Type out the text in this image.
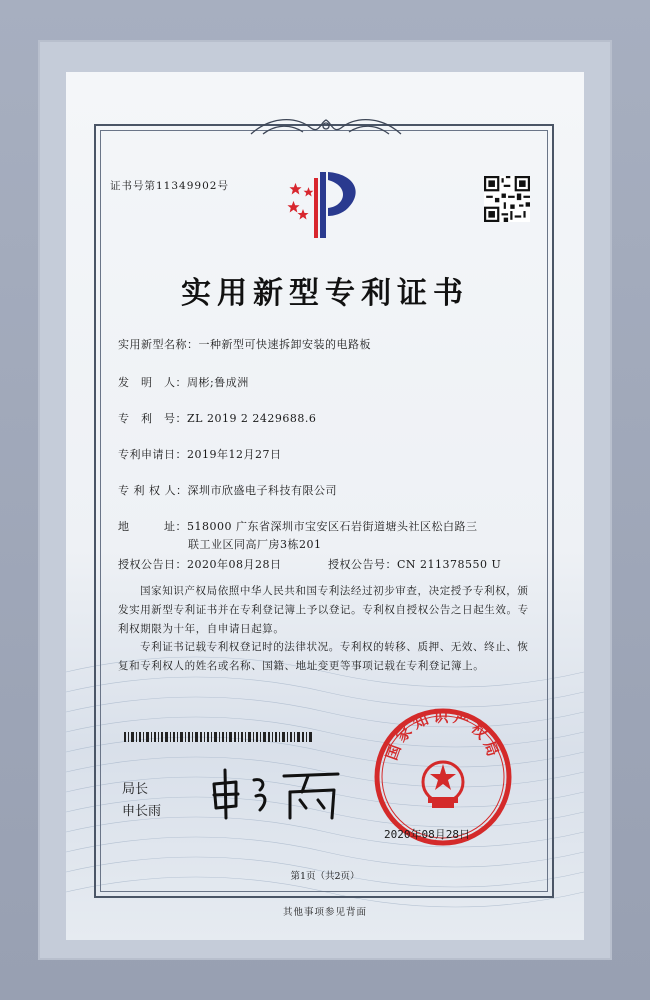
证书号第11349902号
实用新型专利证书
实用新型名称：一种新型可快速拆卸安装的电路板
发　明　人：周彬;鲁成洲
专　利　号：ZL 2019 2 2429688.6
专利申请日：2019年12月27日
专 利 权 人：深圳市欣盛电子科技有限公司
地　　　址：518000 广东省深圳市宝安区石岩街道塘头社区松白路三
联工业区同高厂房3栋201
授权公告日：2020年08月28日	授权公告号：CN 211378550 U
国家知识产权局依照中华人民共和国专利法经过初步审查，决定授予专利权，颁发实用新型专利证书并在专利登记簿上予以登记。专利权自授权公告之日起生效。专利权期限为十年，自申请日起算。
专利证书记载专利权登记时的法律状况。专利权的转移、质押、无效、终止、恢复和专利权人的姓名或名称、国籍、地址变更等事项记载在专利登记簿上。
局长
申长雨
国家知识产权局
2020年08月28日
第1页（共2页）
其他事项参见背面
